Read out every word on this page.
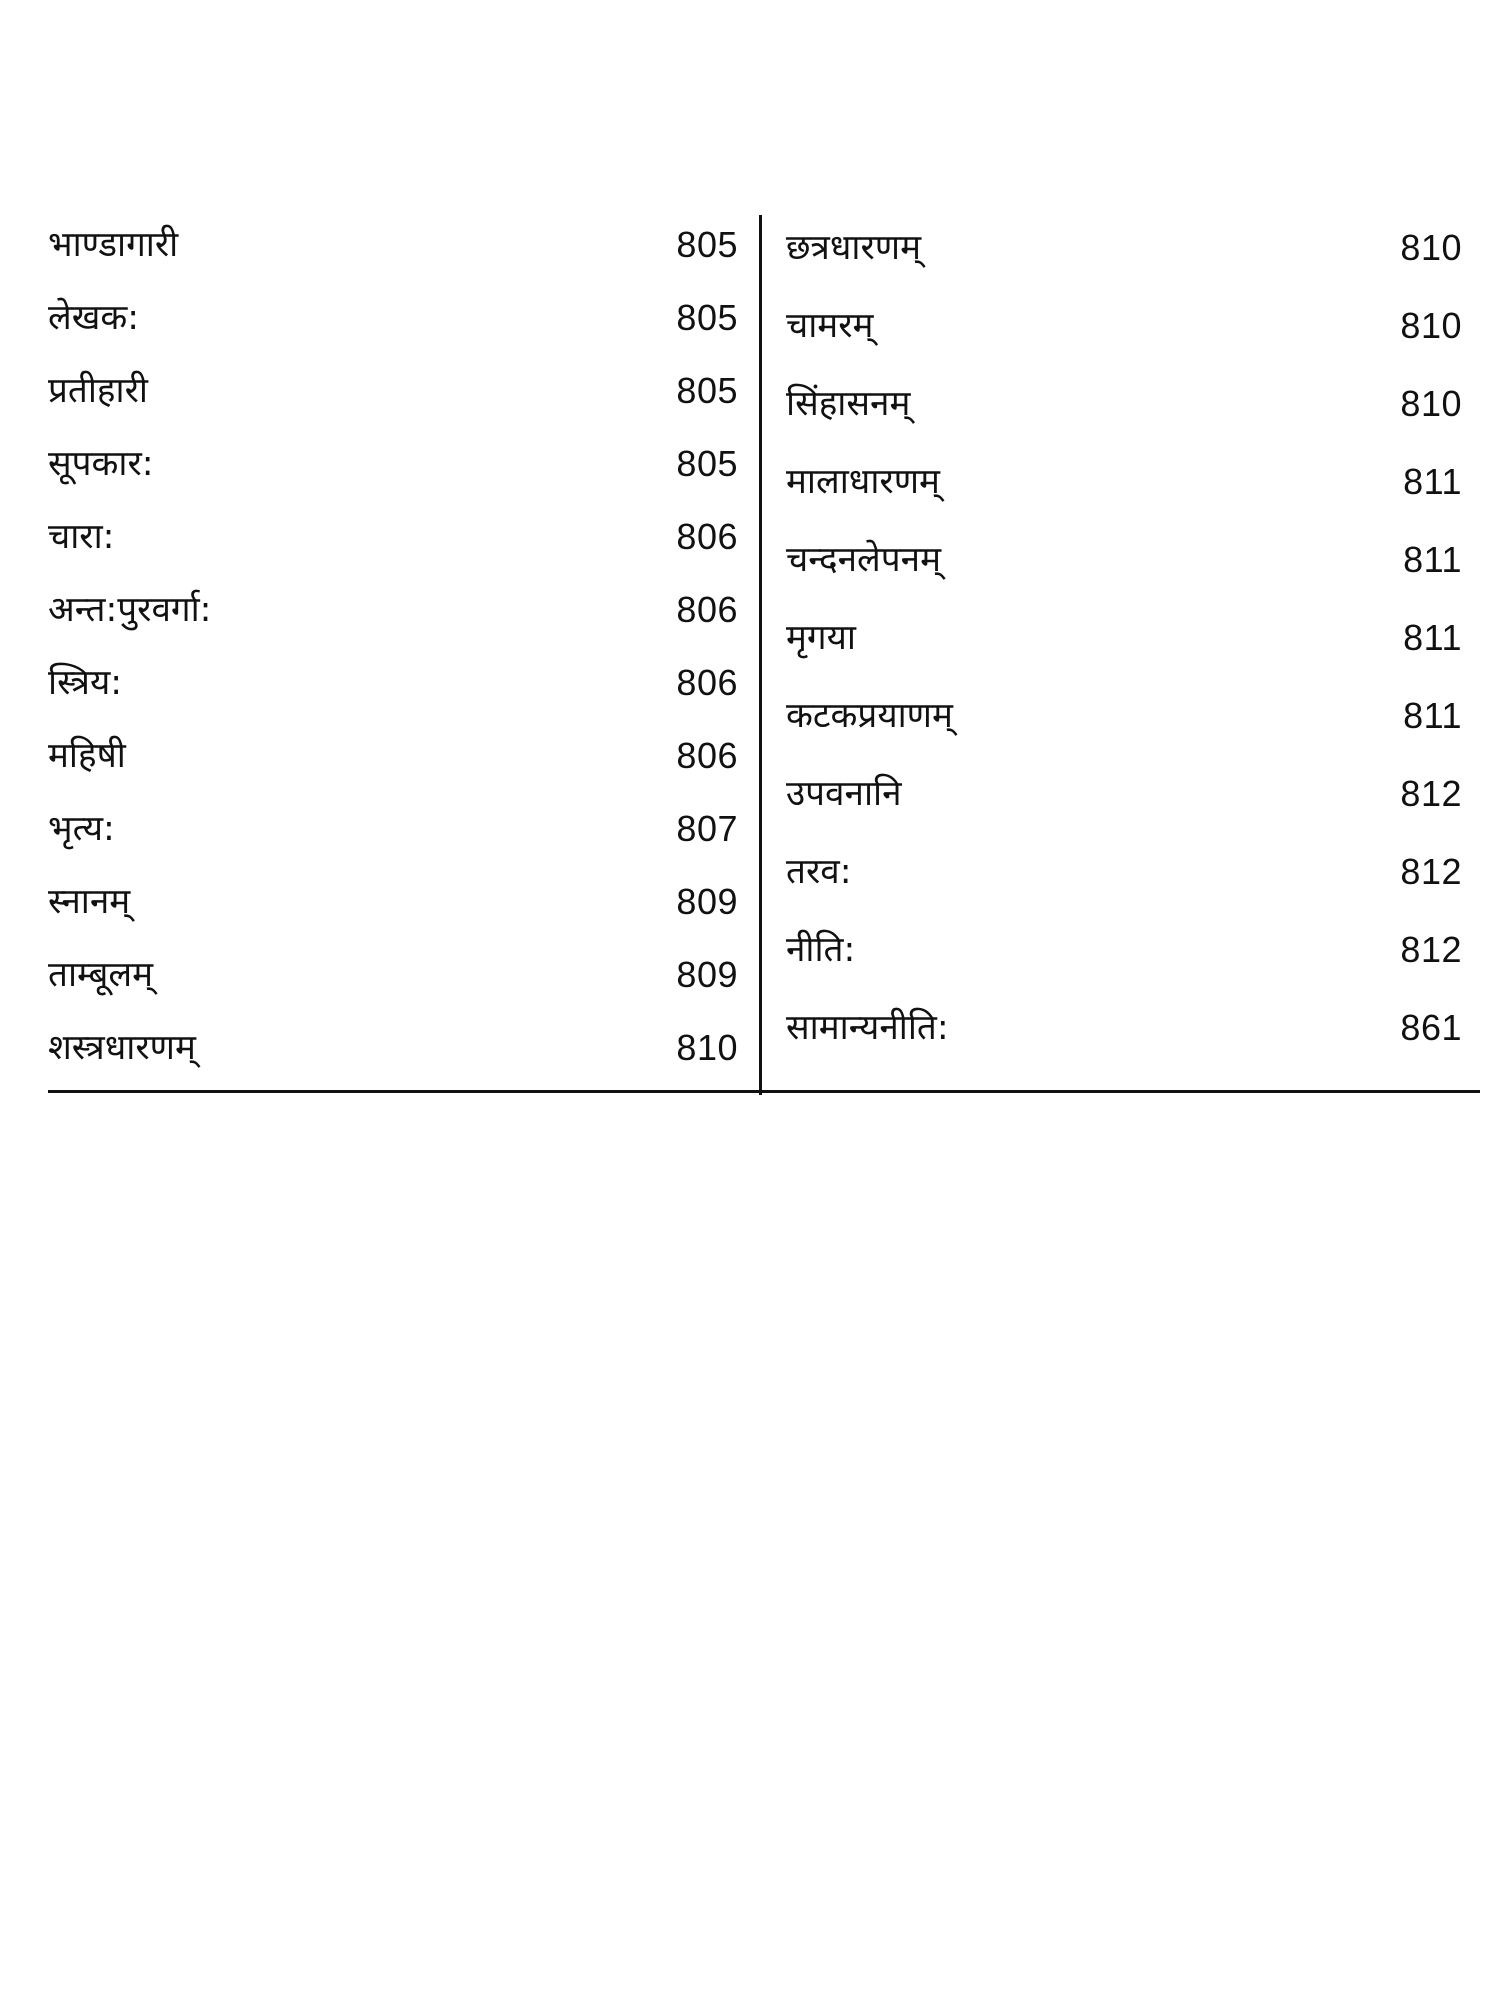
भाण्डागारी	805
लेखक:	805
प्रतीहारी	805
सूपकार:	805
चारा:	806
अन्त:पुरवर्गा:	806
स्त्रिय:	806
महिषी	806
भृत्य:	807
स्नानम्	809
ताम्बूलम्	809
शस्त्रधारणम्	810
छत्रधारणम्	810
चामरम्	810
सिंहासनम्	810
मालाधारणम्	811
चन्दनलेपनम्	811
मृगया	811
कटकप्रयाणम्	811
उपवनानि	812
तरव:	812
नीति:	812
सामान्यनीति:	861
